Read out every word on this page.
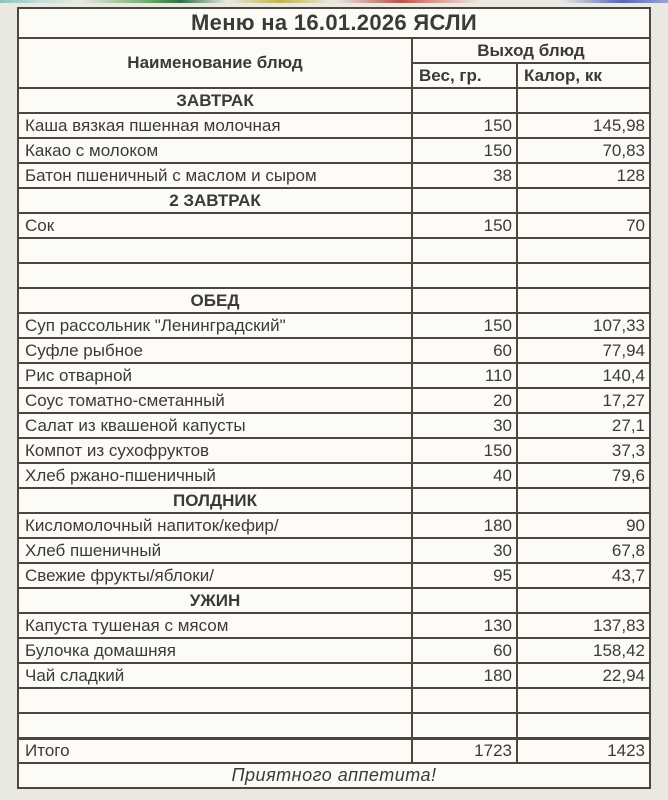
Меню на 16.01.2026 ЯСЛИ		
Наименование блюд	Выход блюд	
	Вес, гр.	Калор, кк
ЗАВТРАК		
Каша вязкая пшенная молочная	150	145,98
Какао с молоком	150	70,83
Батон пшеничный с маслом и сыром	38	128
2 ЗАВТРАК		
Сок	150	70

ОБЕД		
Суп рассольник "Ленинградский"	150	107,33
Суфле рыбное	60	77,94
Рис отварной	110	140,4
Соус томатно-сметанный	20	17,27
Салат из квашеной капусты	30	27,1
Компот из сухофруктов	150	37,3
Хлеб ржано-пшеничный	40	79,6
ПОЛДНИК		
Кисломолочный напиток/кефир/	180	90
Хлеб пшеничный	30	67,8
Свежие фрукты/яблоки/	95	43,7
УЖИН		
Капуста тушеная с мясом	130	137,83
Булочка домашняя	60	158,42
Чай сладкий	180	22,94

Итого	1723	1423
Приятного аппетита!		
